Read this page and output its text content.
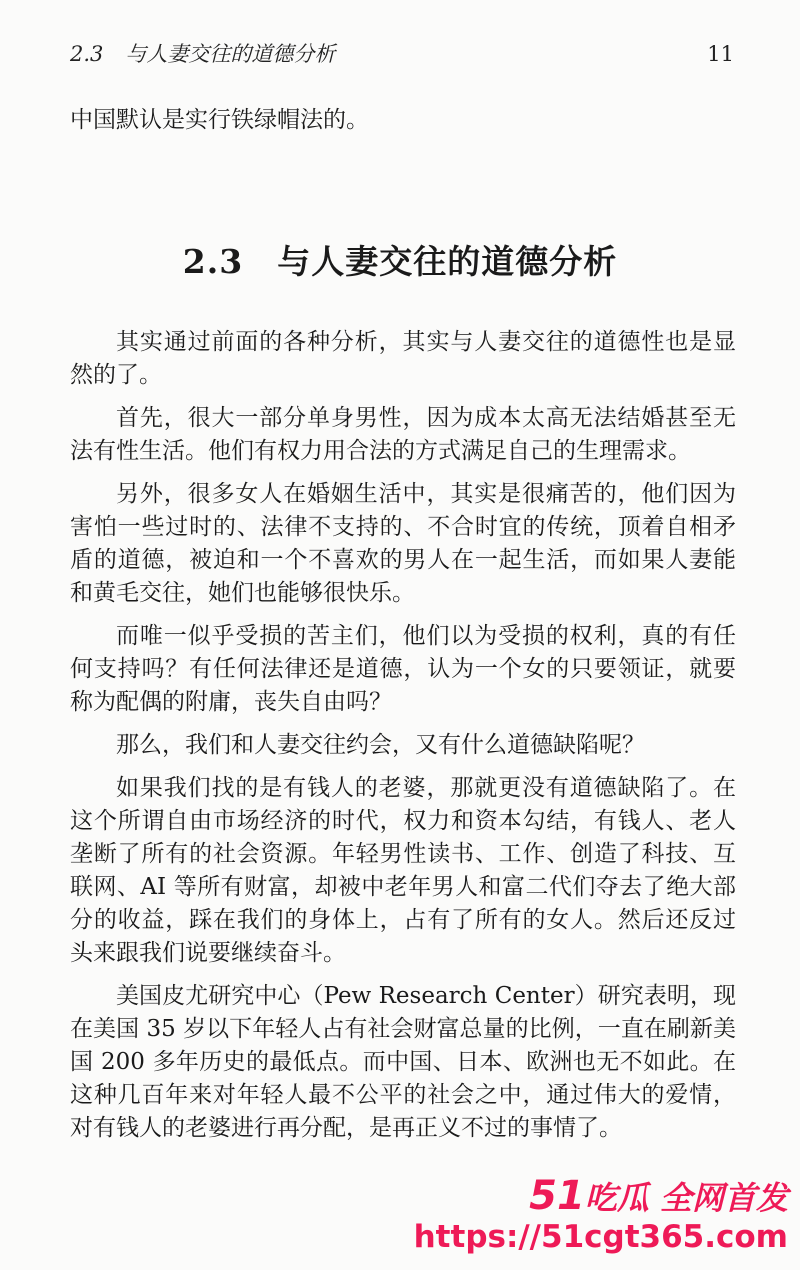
2.3 与人妻交往的道德分析	11
中国默认是实行铁绿帽法的。
2.3 与人妻交往的道德分析

其实通过前面的各种分析，其实与人妻交往的道德性也是显然的了。

首先，很大一部分单身男性，因为成本太高无法结婚甚至无法有性生活。他们有权力用合法的方式满足自己的生理需求。

另外，很多女人在婚姻生活中，其实是很痛苦的，他们因为害怕一些过时的、法律不支持的、不合时宜的传统，顶着自相矛盾的道德，被迫和一个不喜欢的男人在一起生活，而如果人妻能和黄毛交往，她们也能够很快乐。

而唯一似乎受损的苦主们，他们以为受损的权利，真的有任何支持吗？有任何法律还是道德，认为一个女的只要领证，就要称为配偶的附庸，丧失自由吗？

那么，我们和人妻交往约会，又有什么道德缺陷呢？

如果我们找的是有钱人的老婆，那就更没有道德缺陷了。在这个所谓自由市场经济的时代，权力和资本勾结，有钱人、老人垄断了所有的社会资源。年轻男性读书、工作、创造了科技、互联网、AI 等所有财富，却被中老年男人和富二代们夺去了绝大部分的收益，踩在我们的身体上，占有了所有的女人。然后还反过头来跟我们说要继续奋斗。

美国皮尤研究中心（Pew Research Center）研究表明，现在美国 35 岁以下年轻人占有社会财富总量的比例，一直在刷新美国 200 多年历史的最低点。而中国、日本、欧洲也无不如此。在这种几百年来对年轻人最不公平的社会之中，通过伟大的爱情，对有钱人的老婆进行再分配，是再正义不过的事情了。

51吃瓜 全网首发
https://51cgt365.com
